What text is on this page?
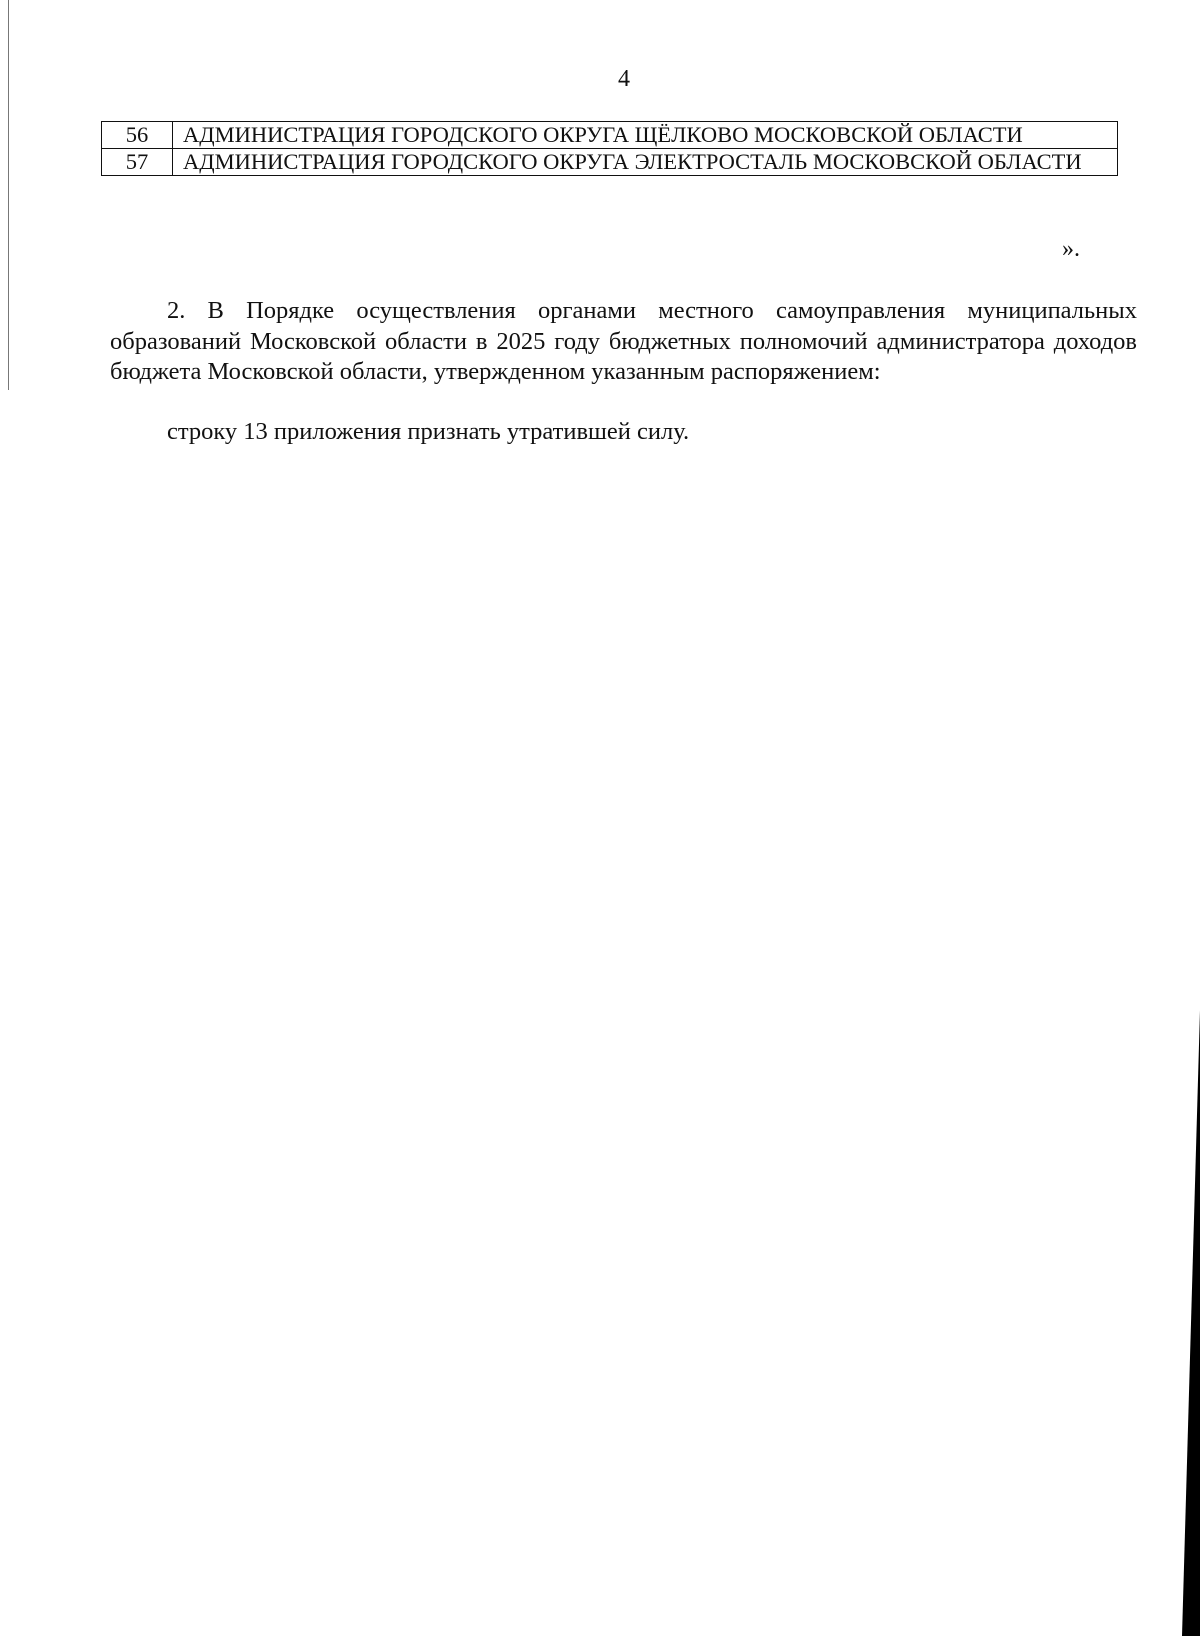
4
56	АДМИНИСТРАЦИЯ ГОРОДСКОГО ОКРУГА ЩЁЛКОВО МОСКОВСКОЙ ОБЛАСТИ
57	АДМИНИСТРАЦИЯ ГОРОДСКОГО ОКРУГА ЭЛЕКТРОСТАЛЬ МОСКОВСКОЙ ОБЛАСТИ
».

2. В Порядке осуществления органами местного самоуправления муниципальных образований Московской области в 2025 году бюджетных полномочий администратора доходов бюджета Московской области, утвержденном указанным распоряжением:

строку 13 приложения признать утратившей силу.
